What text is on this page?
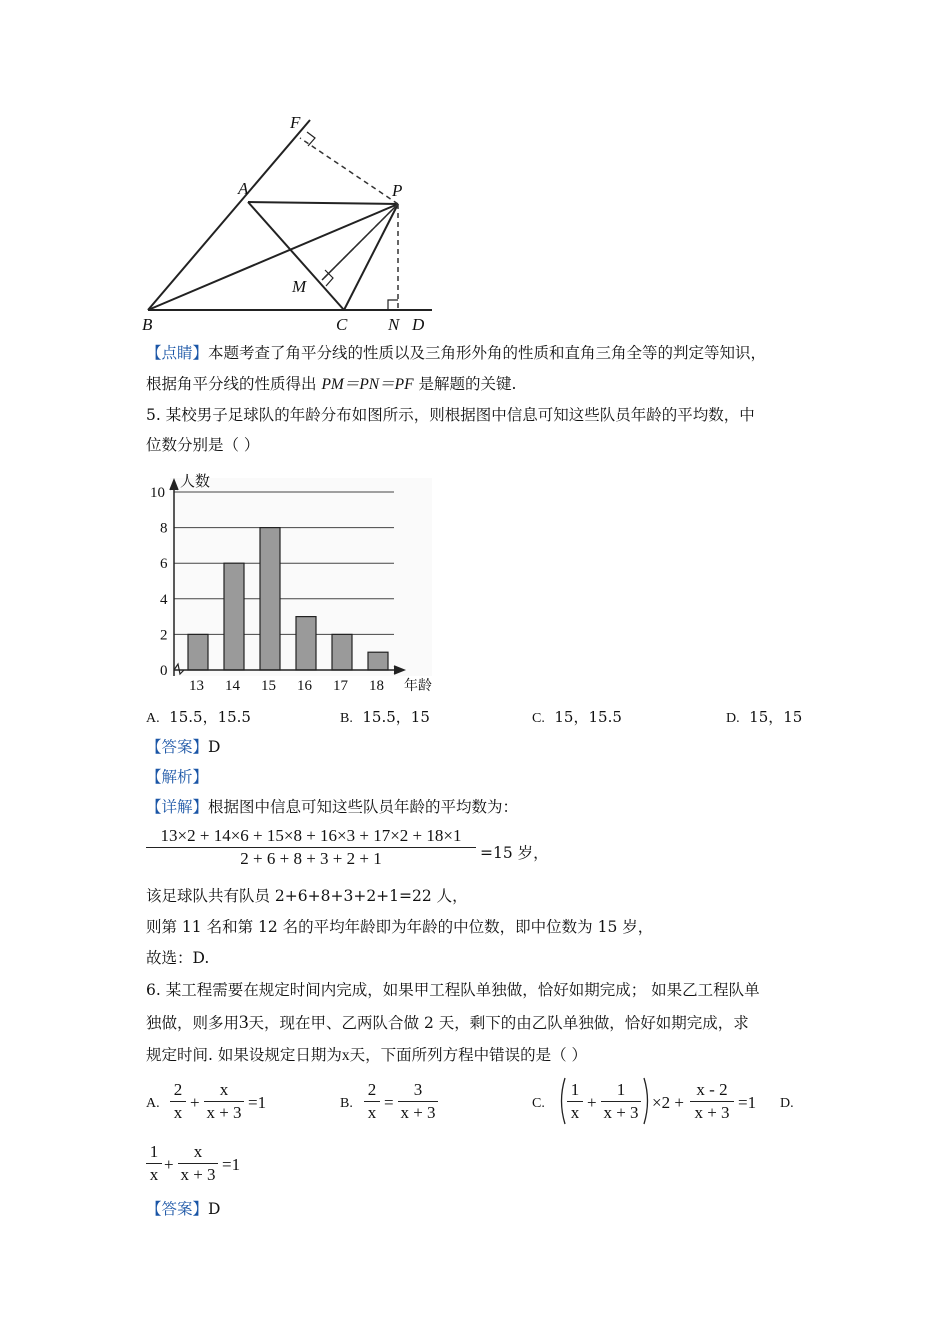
F
A	P
M
B	C N D
【点睛】本题考查了角平分线的性质以及三角形外角的性质和直角三角全等的判定等知识，
根据角平分线的性质得出 PM＝PN＝PF 是解题的关键.
5. 某校男子足球队的年龄分布如图所示，则根据图中信息可知这些队员年龄的平均数，中
位数分别是（ ）
0
2
4
6
8
10
13 14 15 16 17 18
人数
年龄
A. 15.5，15.5	B. 15.5，15	C. 15，15.5	D. 15，15
【答案】D
【解析】
【详解】根据图中信息可知这些队员年龄的平均数为：
13×2 + 14×6 + 15×8 + 16×3 + 17×2 + 18×1
2 + 6 + 8 + 3 + 2 + 1	=15 岁，
该足球队共有队员 2+6+8+3+2+1=22 人，
则第 11 名和第 12 名的平均年龄即为年龄的中位数，即中位数为 15 岁，
故选：D.
6. 某工程需要在规定时间内完成，如果甲工程队单独做，恰好如期完成； 如果乙工程队单
独做，则多用3天，现在甲、乙两队合做 2 天，剩下的由乙队单独做，恰好如期完成，求
规定时间. 如果设规定日期为x天，下面所列方程中错误的是（ ）
A.
2
x
+
x
x + 3
=1	B.
2
x
=
3
x + 3	C.
1
x
+
1
x + 3
×2 +
x - 2
x + 3
=1 D.
1
x
+
x
x + 3
=1
【答案】D
